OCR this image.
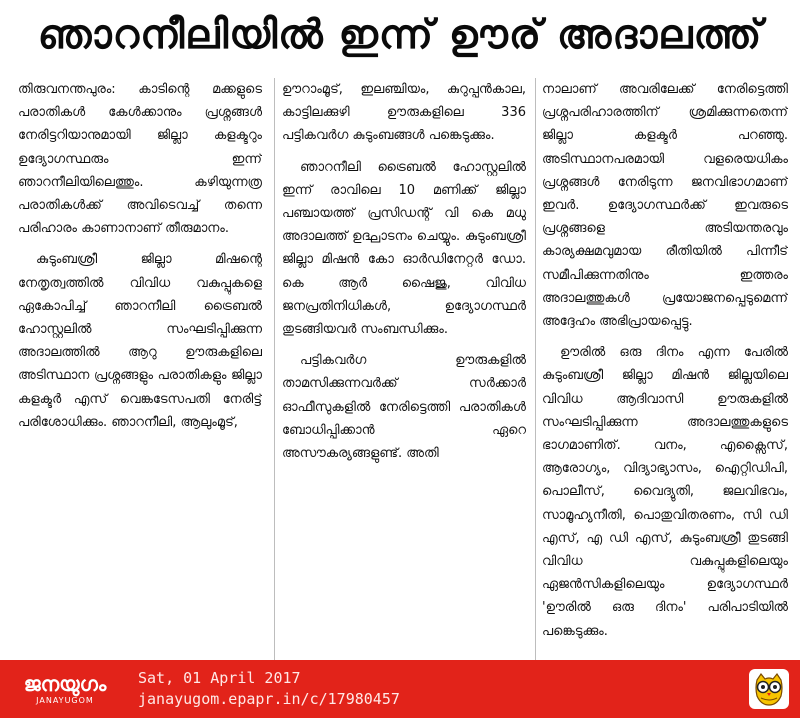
ഞാറനീലിയിൽ ഇന്ന് ഊര് അദാലത്ത്

തിരുവനന്തപുരം: കാടിന്റെ മക്കളുടെ പരാതികൾ കേൾക്കാനും പ്രശ്നങ്ങൾ നേരിട്ടറിയാനുമായി ജില്ലാ കളക്ടറും ഉദ്യോഗസ്ഥരും ഇന്ന് ഞാറനീലിയിലെത്തും. കഴിയുന്നത്ര പരാതികൾക്ക് അവിടെവച്ച് തന്നെ പരിഹാരം കാണാനാണ് തീരുമാനം.

കുടുംബശ്രീ ജില്ലാ മിഷന്റെ നേതൃത്വത്തിൽ വിവിധ വകുപ്പുകളെ ഏകോപിച്ച് ഞാറനീലി ട്രൈബൽ ഹോസ്റ്റലിൽ സംഘടിപ്പിക്കുന്ന അദാലത്തിൽ ആറു ഊരുകളിലെ അടിസ്ഥാന പ്രശ്നങ്ങളും പരാതികളും ജില്ലാ കളക്ടർ എസ് വെങ്കടേസപതി നേരിട്ട് പരിശോധിക്കും. ഞാറനീലി, ആലുംമൂട്,

ഊറാംമൂട്, ഇലഞ്ചിയം, കുറുപ്പൻകാല, കാട്ടിലക്കുഴി ഊരുകളിലെ 336 പട്ടികവർഗ കുടുംബങ്ങൾ പങ്കെടുക്കും.

ഞാറനീലി ട്രൈബൽ ഹോസ്റ്റലിൽ ഇന്ന് രാവിലെ 10 മണിക്ക് ജില്ലാ പഞ്ചായത്ത് പ്രസിഡന്റ് വി കെ മധു അദാലത്ത് ഉദ്ഘാടനം ചെയ്യും. കുടുംബശ്രീ ജില്ലാ മിഷൻ കോ ഓർഡിനേറ്റർ ഡോ. കെ ആർ ഷൈജു, വിവിധ ജനപ്രതിനിധികൾ, ഉദ്യോഗസ്ഥർ തുടങ്ങിയവർ സംബന്ധിക്കും.

പട്ടികവർഗ ഊരുകളിൽ താമസിക്കുന്നവർക്ക് സർക്കാർ ഓഫീസുകളിൽ നേരിട്ടെത്തി പരാതികൾ ബോധിപ്പിക്കാൻ ഏറെ അസൗകര്യങ്ങളുണ്ട്. അതി

നാലാണ് അവരിലേക്ക് നേരിട്ടെത്തി പ്രശ്നപരിഹാരത്തിന് ശ്രമിക്കുന്നതെന്ന് ജില്ലാ കളക്ടർ പറഞ്ഞു. അടിസ്ഥാനപരമായി വളരെയധികം പ്രശ്നങ്ങൾ നേരിടുന്ന ജനവിഭാഗമാണ് ഇവർ. ഉദ്യോഗസ്ഥർക്ക് ഇവരുടെ പ്രശ്നങ്ങളെ അടിയന്തരവും കാര്യക്ഷമവുമായ രീതിയിൽ പിന്നീട് സമീപിക്കുന്നതിനും ഇത്തരം അദാലത്തുകൾ പ്രയോജനപ്പെടുമെന്ന് അദ്ദേഹം അഭിപ്രായപ്പെട്ടു.

ഊരിൽ ഒരു ദിനം എന്ന പേരിൽ കുടുംബശ്രീ ജില്ലാ മിഷൻ ജില്ലയിലെ വിവിധ ആദിവാസി ഊരുകളിൽ സംഘടിപ്പിക്കുന്ന അദാലത്തുകളുടെ ഭാഗമാണിത്. വനം, എക്സൈസ്, ആരോഗ്യം, വിദ്യാഭ്യാസം, ഐറ്റിഡിപി, പൊലീസ്, വൈദ്യുതി, ജലവിഭവം, സാമൂഹ്യനീതി, പൊതുവിതരണം, സി ഡി എസ്, എ ഡി എസ്, കുടുംബശ്രീ തുടങ്ങി വിവിധ വകുപ്പുകളിലെയും ഏജൻസികളിലെയും ഉദ്യോഗസ്ഥർ 'ഊരിൽ ഒരു ദിനം' പരിപാടിയിൽ പങ്കെടുക്കും.

ജനയുഗം
JANAYUGOM
Sat, 01 April 2017
janayugom.epapr.in/c/17980457
